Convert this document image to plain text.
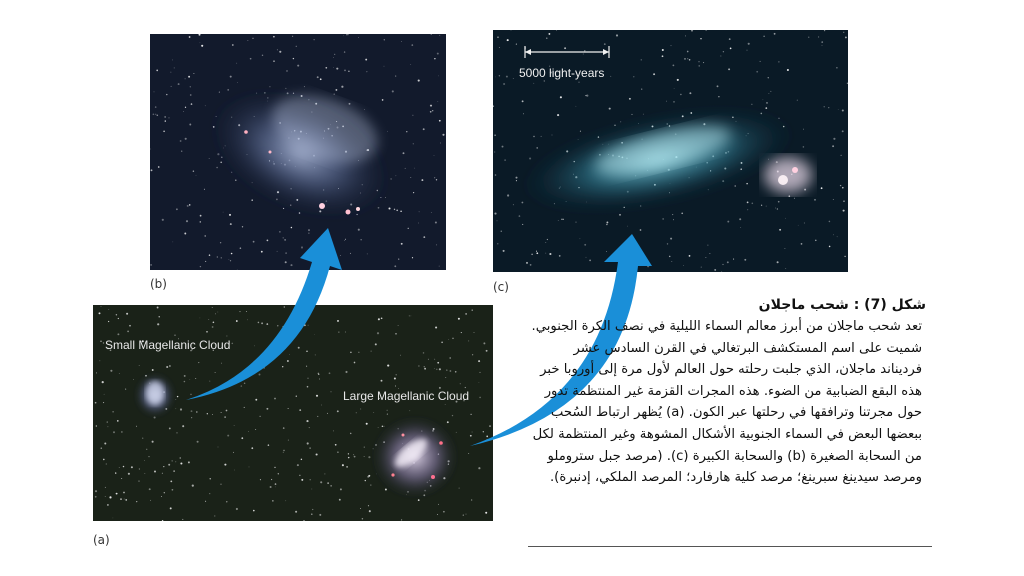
5000 light-years
Small Magellanic Cloud
Large Magellanic Cloud
(b)	(c)
(a)
شكل (7) : شحب ماجلان
تعد شحب ماجلان من أبرز معالم السماء الليلية في نصف الكرة الجنوبي. شميت على اسم المستكشف البرتغالي في القرن السادس عشر فرديناند ماجلان، الذي جلبت رحلته حول العالم لأول مرة إلى أوروبا خبر هذه البقع الضبابية من الضوء. هذه المجرات القزمة غير المنتظمة تدور حول مجرتنا وترافقها في رحلتها عبر الكون. (a) يُظهر ارتباط السُحب ببعضها البعض في السماء الجنوبية الأشكال المشوهة وغير المنتظمة لكل من السحابة الصغيرة (b) والسحابة الكبيرة (c). (مرصد جبل ستروملو ومرصد سيدينغ سبرينغ؛ مرصد كلية هارفارد؛ المرصد الملكي، إدنبرة).
